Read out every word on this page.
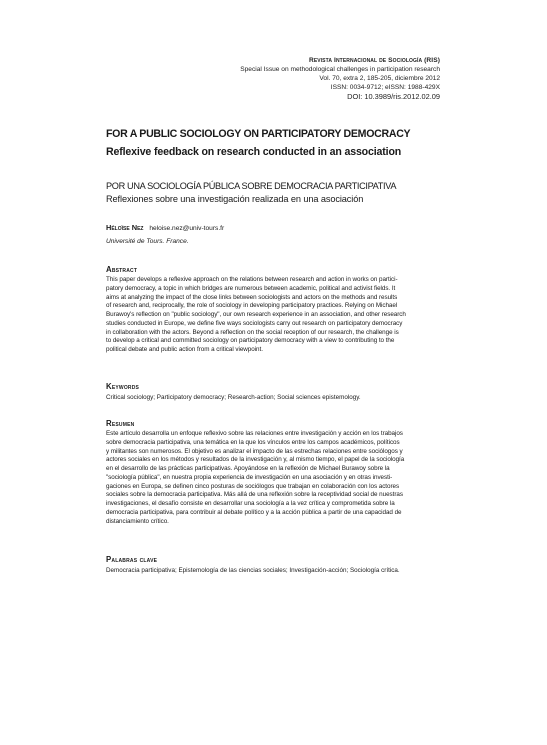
Revista Internacional de Sociología (RIS)
Special Issue on methodological challenges in participation research
Vol. 70, extra 2, 185-205, diciembre 2012
ISSN: 0034-9712; eISSN: 1988-429X
DOI: 10.3989/ris.2012.02.09
FOR A PUBLIC SOCIOLOGY ON PARTICIPATORY DEMOCRACY
Reflexive feedback on research conducted in an association
POR UNA SOCIOLOGÍA PÚBLICA SOBRE DEMOCRACIA PARTICIPATIVA
Reflexiones sobre una investigación realizada en una asociación
Héloïse Nez heloise.nez@univ-tours.fr
Université de Tours. France.
Abstract
This paper develops a reflexive approach on the relations between research and action in works on partici-
patory democracy, a topic in which bridges are numerous between academic, political and activist fields. It
aims at analyzing the impact of the close links between sociologists and actors on the methods and results
of research and, reciprocally, the role of sociology in developing participatory practices. Relying on Michael
Burawoy's reflection on "public sociology", our own research experience in an association, and other research
studies conducted in Europe, we define five ways sociologists carry out research on participatory democracy
in collaboration with the actors. Beyond a reflection on the social reception of our research, the challenge is
to develop a critical and committed sociology on participatory democracy with a view to contributing to the
political debate and public action from a critical viewpoint.
Keywords
Critical sociology; Participatory democracy; Research-action; Social sciences epistemology.
Resumen
Este artículo desarrolla un enfoque reflexivo sobre las relaciones entre investigación y acción en los trabajos
sobre democracia participativa, una temática en la que los vínculos entre los campos académicos, políticos
y militantes son numerosos. El objetivo es analizar el impacto de las estrechas relaciones entre sociólogos y
actores sociales en los métodos y resultados de la investigación y, al mismo tiempo, el papel de la sociología
en el desarrollo de las prácticas participativas. Apoyándose en la reflexión de Michael Burawoy sobre la
"sociología pública", en nuestra propia experiencia de investigación en una asociación y en otras investi-
gaciones en Europa, se definen cinco posturas de sociólogos que trabajan en colaboración con los actores
sociales sobre la democracia participativa. Más allá de una reflexión sobre la receptividad social de nuestras
investigaciones, el desafío consiste en desarrollar una sociología a la vez crítica y comprometida sobre la
democracia participativa, para contribuir al debate político y a la acción pública a partir de una capacidad de
distanciamiento crítico.
Palabras clave
Democracia participativa; Epistemología de las ciencias sociales; Investigación-acción; Sociología crítica.
